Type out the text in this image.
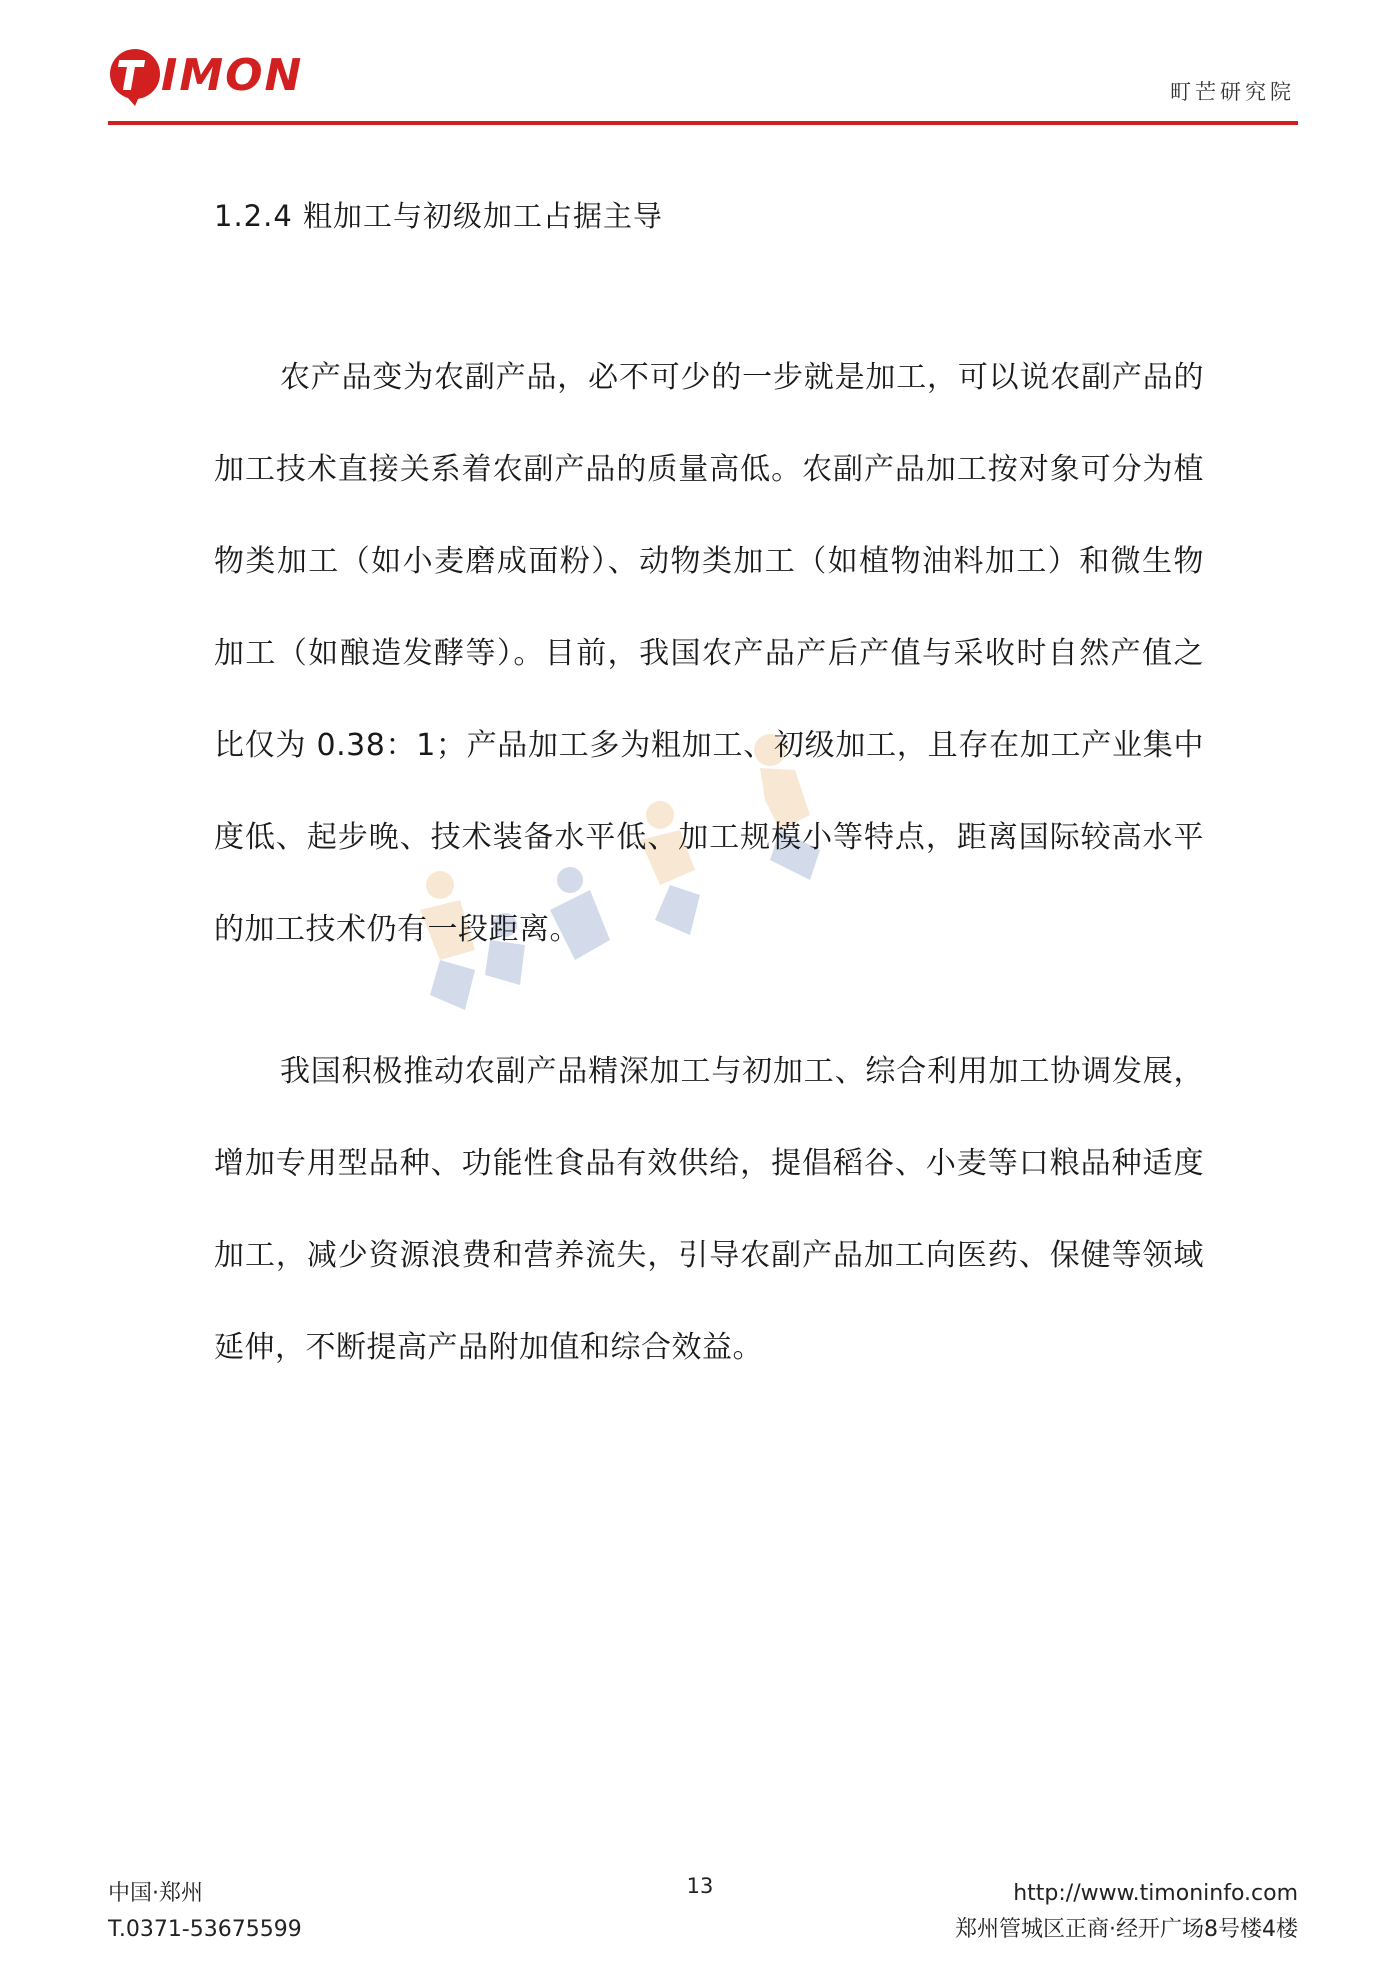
IMON	町芒研究院
1.2.4 粗加工与初级加工占据主导

农产品变为农副产品，必不可少的一步就是加工，可以说农副产品的加工技术直接关系着农副产品的质量高低。农副产品加工按对象可分为植物类加工（如小麦磨成面粉）、动物类加工（如植物油料加工）和微生物加工（如酿造发酵等）。目前，我国农产品产后产值与采收时自然产值之比仅为 0.38：1；产品加工多为粗加工、初级加工，且存在加工产业集中度低、起步晚、技术装备水平低、加工规模小等特点，距离国际较高水平的加工技术仍有一段距离。

我国积极推动农副产品精深加工与初加工、综合利用加工协调发展，增加专用型品种、功能性食品有效供给，提倡稻谷、小麦等口粮品种适度加工，减少资源浪费和营养流失，引导农副产品加工向医药、保健等领域延伸，不断提高产品附加值和综合效益。

中国·郑州
T.0371-53675599
13	http://www.timoninfo.com
郑州管城区正商·经开广场8号楼4楼
